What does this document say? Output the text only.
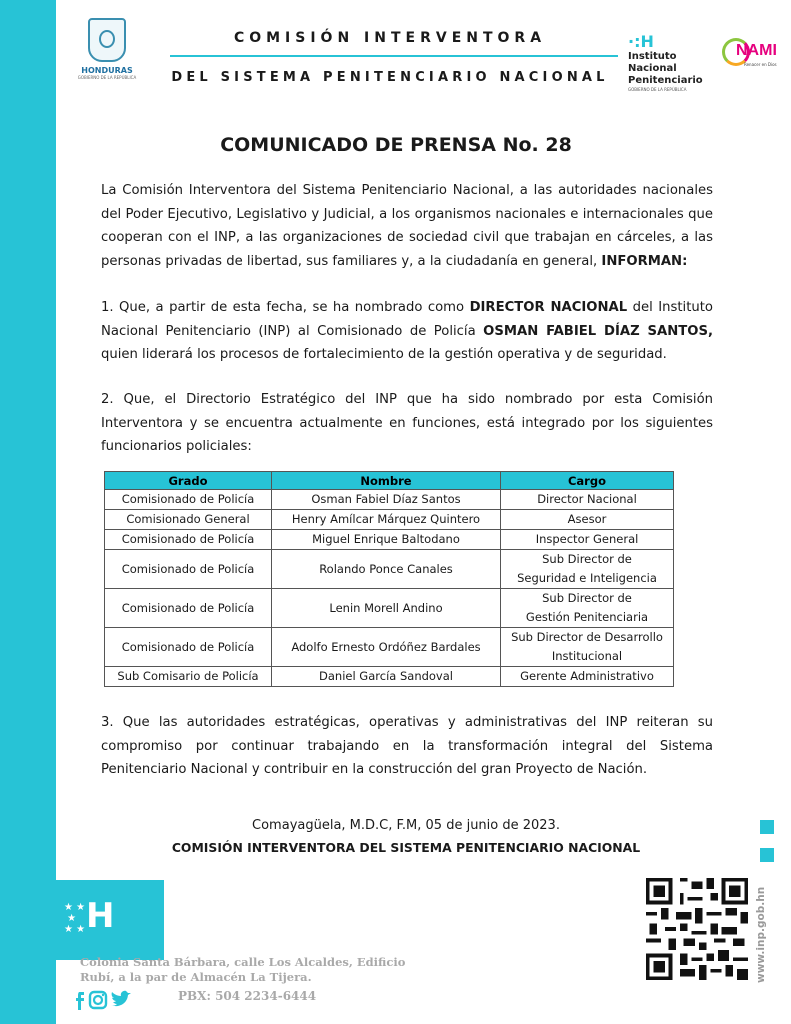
★ ★
★
★ ★ H
HONDURAS
GOBIERNO DE LA REPÚBLICA
COMISIÓN INTERVENTORA
DEL SISTEMA PENITENCIARIO NACIONAL
·:H
Instituto Nacional
Penitenciario
GOBIERNO DE LA REPÚBLICA
NAMI
Renacer en Dios
COMUNICADO DE PRENSA No. 28
La Comisión Interventora del Sistema Penitenciario Nacional, a las autoridades nacionales del Poder Ejecutivo, Legislativo y Judicial, a los organismos nacionales e internacionales que cooperan con el INP, a las organizaciones de sociedad civil que trabajan en cárceles, a las personas privadas de libertad, sus familiares y, a la ciudadanía en general, INFORMAN:
1. Que, a partir de esta fecha, se ha nombrado como DIRECTOR NACIONAL del Instituto Nacional Penitenciario (INP) al Comisionado de Policía OSMAN FABIEL DÍAZ SANTOS, quien liderará los procesos de fortalecimiento de la gestión operativa y de seguridad.
2. Que, el Directorio Estratégico del INP que ha sido nombrado por esta Comisión Interventora y se encuentra actualmente en funciones, está integrado por los siguientes funcionarios policiales:
Grado	Nombre	Cargo
Comisionado de Policía	Osman Fabiel Díaz Santos	Director Nacional
Comisionado General	Henry Amílcar Márquez Quintero	Asesor
Comisionado de Policía	Miguel Enrique Baltodano	Inspector General
Comisionado de Policía	Rolando Ponce Canales	Sub Director de
Seguridad e Inteligencia
Comisionado de Policía	Lenin Morell Andino	Sub Director de
Gestión Penitenciaria
Comisionado de Policía	Adolfo Ernesto Ordóñez Bardales	Sub Director de Desarrollo
Institucional
Sub Comisario de Policía	Daniel García Sandoval	Gerente Administrativo
3. Que las autoridades estratégicas, operativas y administrativas del INP reiteran su compromiso por continuar trabajando en la transformación integral del Sistema Penitenciario Nacional y contribuir en la construcción del gran Proyecto de Nación.
Comayagüela, M.D.C, F.M, 05 de junio de 2023.
COMISIÓN INTERVENTORA DEL SISTEMA PENITENCIARIO NACIONAL
www.inp.gob.hn
Colonia Santa Bárbara, calle Los Alcaldes, Edificio Rubí, a la par de Almacén La Tijera.
PBX: 504 2234-6444
